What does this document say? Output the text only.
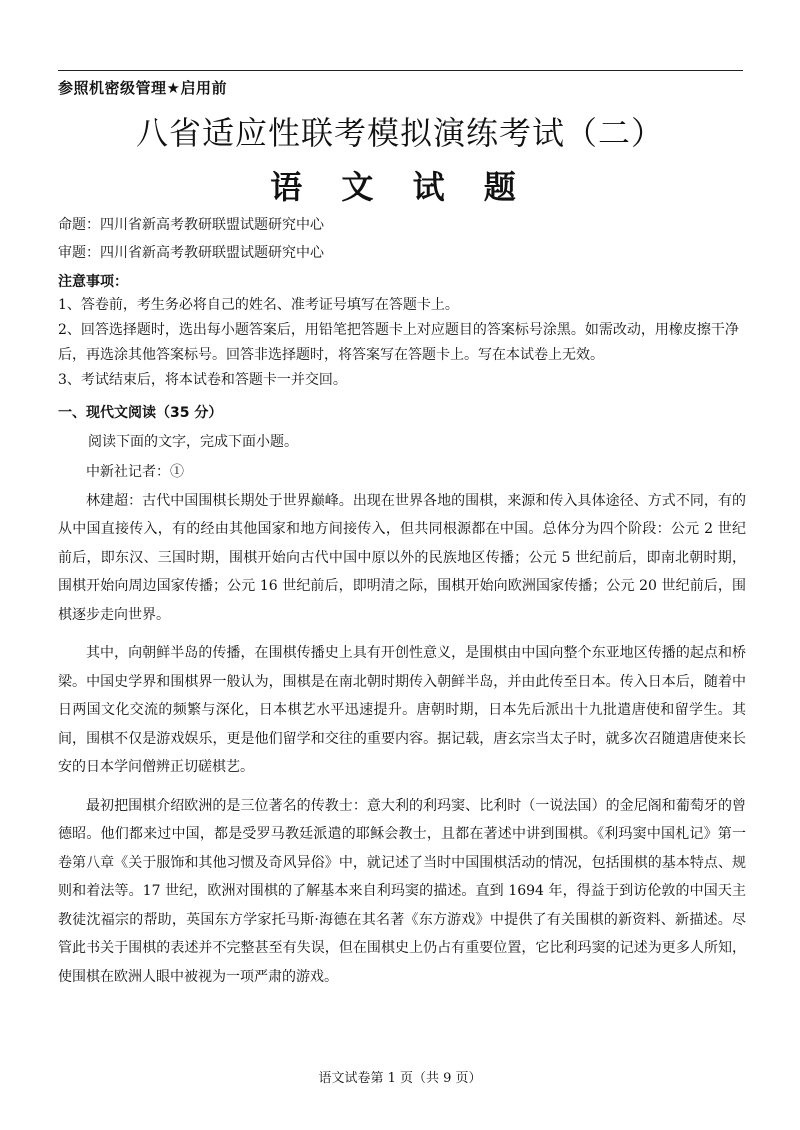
参照机密级管理★启用前
八省适应性联考模拟演练考试（二）
语 文 试 题
命题：四川省新高考教研联盟试题研究中心
审题：四川省新高考教研联盟试题研究中心
注意事项：

1、答卷前，考生务必将自己的姓名、准考证号填写在答题卡上。

2、回答选择题时，选出每小题答案后，用铅笔把答题卡上对应题目的答案标号涂黑。如需改动，用橡皮擦干净后，再选涂其他答案标号。回答非选择题时，将答案写在答题卡上。写在本试卷上无效。

3、考试结束后，将本试卷和答题卡一并交回。

一、现代文阅读（35 分）
阅读下面的文字，完成下面小题。

中新社记者：①

林建超：古代中国围棋长期处于世界巅峰。出现在世界各地的围棋，来源和传入具体途径、方式不同，有的从中国直接传入，有的经由其他国家和地方间接传入，但共同根源都在中国。总体分为四个阶段：公元 2 世纪前后，即东汉、三国时期，围棋开始向古代中国中原以外的民族地区传播；公元 5 世纪前后，即南北朝时期，围棋开始向周边国家传播；公元 16 世纪前后，即明清之际，围棋开始向欧洲国家传播；公元 20 世纪前后，围棋逐步走向世界。

其中，向朝鲜半岛的传播，在围棋传播史上具有开创性意义，是围棋由中国向整个东亚地区传播的起点和桥梁。中国史学界和围棋界一般认为，围棋是在南北朝时期传入朝鲜半岛，并由此传至日本。传入日本后，随着中日两国文化交流的频繁与深化，日本棋艺水平迅速提升。唐朝时期，日本先后派出十九批遣唐使和留学生。其间，围棋不仅是游戏娱乐，更是他们留学和交往的重要内容。据记载，唐玄宗当太子时，就多次召随遣唐使来长安的日本学问僧辨正切磋棋艺。

最初把围棋介绍欧洲的是三位著名的传教士：意大利的利玛窦、比利时（一说法国）的金尼阁和葡萄牙的曾德昭。他们都来过中国，都是受罗马教廷派遣的耶稣会教士，且都在著述中讲到围棋。《利玛窦中国札记》第一卷第八章《关于服饰和其他习惯及奇风异俗》中，就记述了当时中国围棋活动的情况，包括围棋的基本特点、规则和着法等。17 世纪，欧洲对围棋的了解基本来自利玛窦的描述。直到 1694 年，得益于到访伦敦的中国天主教徒沈福宗的帮助，英国东方学家托马斯·海德在其名著《东方游戏》中提供了有关围棋的新资料、新描述。尽管此书关于围棋的表述并不完整甚至有失误，但在围棋史上仍占有重要位置，它比利玛窦的记述为更多人所知，使围棋在欧洲人眼中被视为一项严肃的游戏。

语文试卷第 1 页（共 9 页）
